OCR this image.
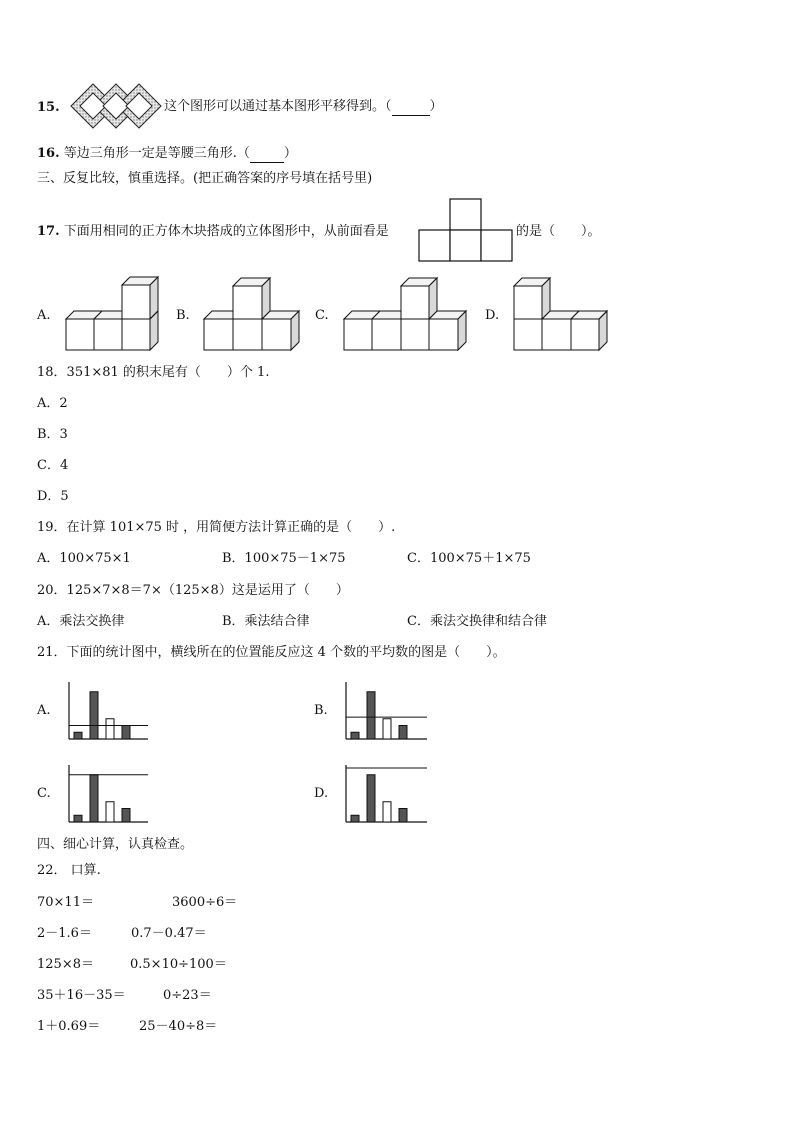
15.	这个图形可以通过基本图形平移得到。（　　　	）
16. 等边三角形一定是等腰三角形.（　　	）
三、反复比较，慎重选择。(把正确答案的序号填在括号里)
17. 下面用相同的正方体木块搭成的立体图形中，从前面看是	的是（　　）。
A.	B.	C.	D.
18．351×81 的积末尾有（　　）个 1.
A．2
B．3
C．4
D．5
19．在计算 101×75 时 ，用简便方法计算正确的是（　　）.
A．100×75×1	B．100×75－1×75	C．100×75＋1×75
20．125×7×8＝7×（125×8）这是运用了（　　）
A．乘法交换律	B．乘法结合律	C．乘法交换律和结合律
21．下面的统计图中，横线所在的位置能反应这 4 个数的平均数的图是（　　）。
A.	B.
C.	D.
四、细心计算，认真检查。
22． 口算.
70×11＝	3600÷6＝
2－1.6＝	0.7－0.47＝
125×8＝	0.5×10÷100＝
35＋16－35＝	0÷23＝
1＋0.69＝	25－40÷8＝
